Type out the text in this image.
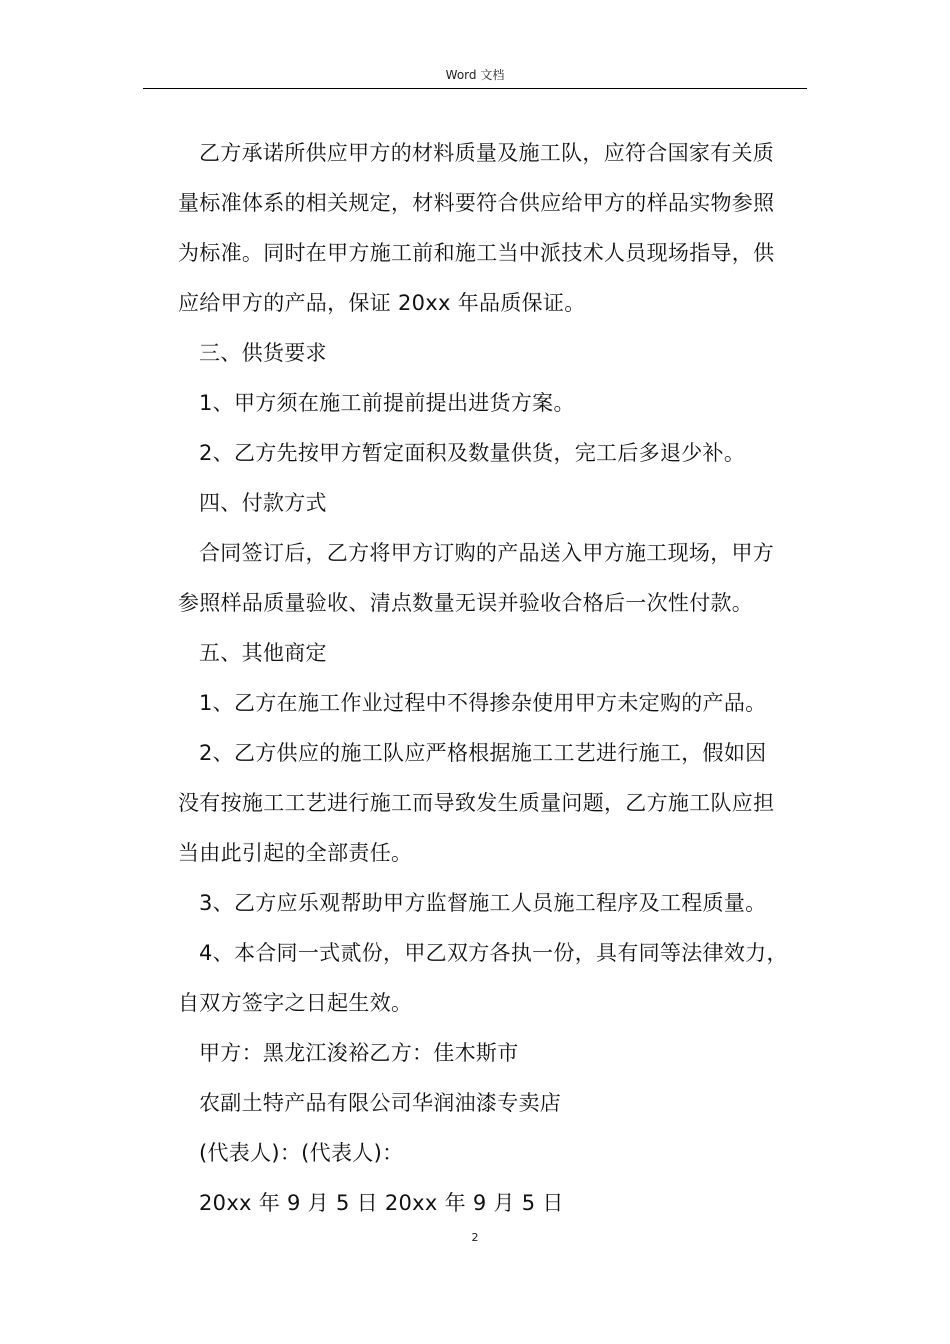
Word 文档

乙方承诺所供应甲方的材料质量及施工队，应符合国家有关质

量标准体系的相关规定，材料要符合供应给甲方的样品实物参照

为标准。同时在甲方施工前和施工当中派技术人员现场指导，供

应给甲方的产品，保证 20xx 年品质保证。

三、供货要求

1、甲方须在施工前提前提出进货方案。

2、乙方先按甲方暂定面积及数量供货，完工后多退少补。

四、付款方式

合同签订后，乙方将甲方订购的产品送入甲方施工现场，甲方

参照样品质量验收、清点数量无误并验收合格后一次性付款。

五、其他商定

1、乙方在施工作业过程中不得掺杂使用甲方未定购的产品。

2、乙方供应的施工队应严格根据施工工艺进行施工，假如因

没有按施工工艺进行施工而导致发生质量问题，乙方施工队应担

当由此引起的全部责任。

3、乙方应乐观帮助甲方监督施工人员施工程序及工程质量。

4、本合同一式贰份，甲乙双方各执一份，具有同等法律效力，

自双方签字之日起生效。

甲方：黑龙江浚裕乙方：佳木斯市

农副土特产品有限公司华润油漆专卖店

(代表人)：(代表人)：

20xx 年 9 月 5 日 20xx 年 9 月 5 日

2
